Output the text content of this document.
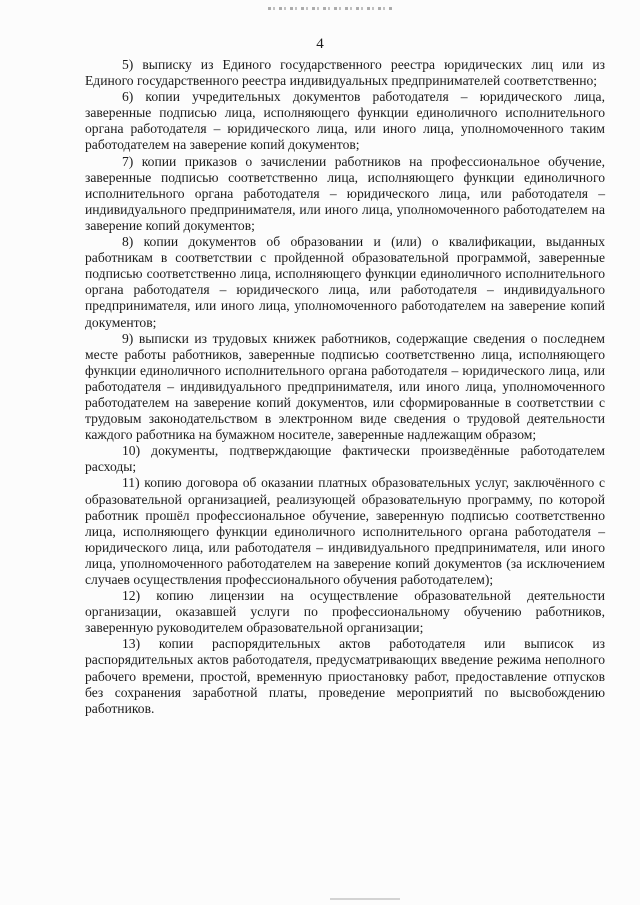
4

5) выписку из Единого государственного реестра юридических лиц или из Единого государственного реестра индивидуальных предпринимателей соответственно;

6) копии учредительных документов работодателя – юридического лица, заверенные подписью лица, исполняющего функции единоличного исполнительного органа работодателя – юридического лица, или иного лица, уполномоченного таким работодателем на заверение копий документов;

7) копии приказов о зачислении работников на профессиональное обучение, заверенные подписью соответственно лица, исполняющего функции единоличного исполнительного органа работодателя – юридического лица, или работодателя – индивидуального предпринимателя, или иного лица, уполномоченного работодателем на заверение копий документов;

8) копии документов об образовании и (или) о квалификации, выданных работникам в соответствии с пройденной образовательной программой, заверенные подписью соответственно лица, исполняющего функции единоличного исполнительного органа работодателя – юридического лица, или работодателя – индивидуального предпринимателя, или иного лица, уполномоченного работодателем на заверение копий документов;

9) выписки из трудовых книжек работников, содержащие сведения о последнем месте работы работников, заверенные подписью соответственно лица, исполняющего функции единоличного исполнительного органа работодателя – юридического лица, или работодателя – индивидуального предпринимателя, или иного лица, уполномоченного работодателем на заверение копий документов, или сформированные в соответствии с трудовым законодательством в электронном виде сведения о трудовой деятельности каждого работника на бумажном носителе, заверенные надлежащим образом;

10) документы, подтверждающие фактически произведённые работодателем расходы;

11) копию договора об оказании платных образовательных услуг, заключённого с образовательной организацией, реализующей образовательную программу, по которой работник прошёл профессиональное обучение, заверенную подписью соответственно лица, исполняющего функции единоличного исполнительного органа работодателя – юридического лица, или работодателя – индивидуального предпринимателя, или иного лица, уполномоченного работодателем на заверение копий документов (за исключением случаев осуществления профессионального обучения работодателем);

12) копию лицензии на осуществление образовательной деятельности организации, оказавшей услуги по профессиональному обучению работников, заверенную руководителем образовательной организации;

13) копии распорядительных актов работодателя или выписок из распорядительных актов работодателя, предусматривающих введение режима неполного рабочего времени, простой, временную приостановку работ, предоставление отпусков без сохранения заработной платы, проведение мероприятий по высвобождению работников.
